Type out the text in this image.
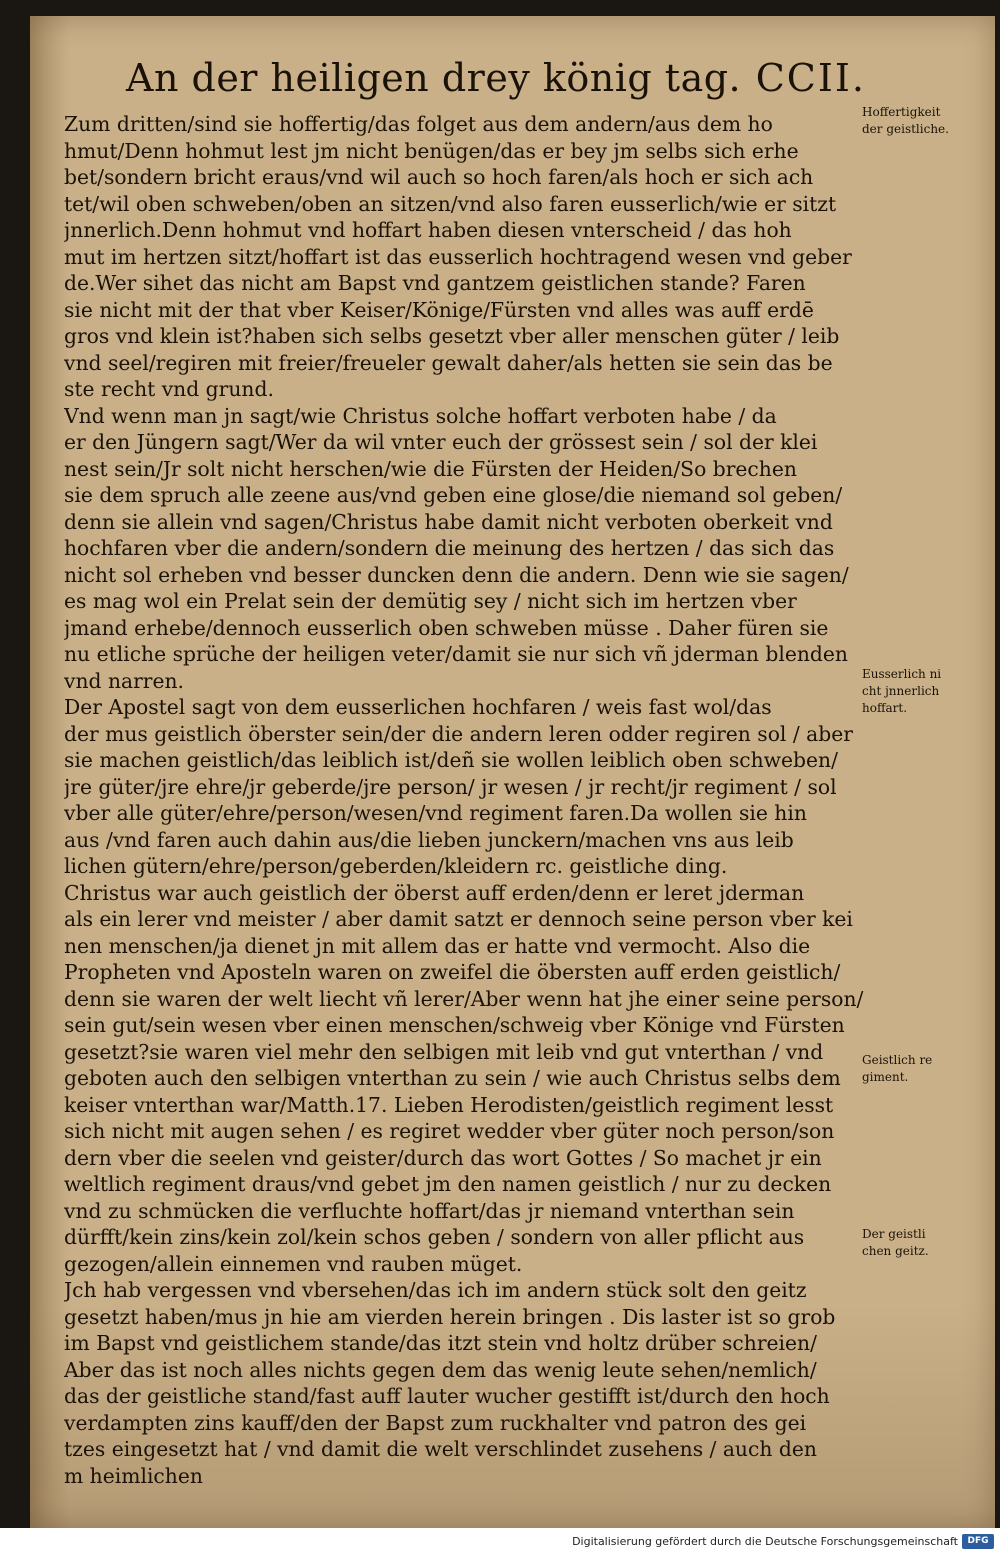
An der heiligen drey könig tag. CCII.
Zum dritten/sind sie hoffertig/das folget aus dem andern/aus dem ho
hmut/Denn hohmut lest jm nicht benügen/das er bey jm selbs sich erhe
bet/sondern bricht eraus/vnd wil auch so hoch faren/als hoch er sich ach
tet/wil oben schweben/oben an sitzen/vnd also faren eusserlich/wie er sitzt
jnnerlich.Denn hohmut vnd hoffart haben diesen vnterscheid / das hoh
mut im hertzen sitzt/hoffart ist das eusserlich hochtragend wesen vnd geber
de.Wer sihet das nicht am Bapst vnd gantzem geistlichen stande? Faren
sie nicht mit der that vber Keiser/Könige/Fürsten vnd alles was auff erdē
gros vnd klein ist?haben sich selbs gesetzt vber aller menschen güter / leib
vnd seel/regiren mit freier/freueler gewalt daher/als hetten sie sein das be
ste recht vnd grund.
Vnd wenn man jn sagt/wie Christus solche hoffart verboten habe / da
er den Jüngern sagt/Wer da wil vnter euch der grössest sein / sol der klei
nest sein/Jr solt nicht herschen/wie die Fürsten der Heiden/So brechen
sie dem spruch alle zeene aus/vnd geben eine glose/die niemand sol geben/
denn sie allein vnd sagen/Christus habe damit nicht verboten oberkeit vnd
hochfaren vber die andern/sondern die meinung des hertzen / das sich das
nicht sol erheben vnd besser duncken denn die andern. Denn wie sie sagen/
es mag wol ein Prelat sein der demütig sey / nicht sich im hertzen vber
jmand erhebe/dennoch eusserlich oben schweben müsse . Daher füren sie
nu etliche sprüche der heiligen veter/damit sie nur sich vñ jderman blenden
vnd narren.
Der Apostel sagt von dem eusserlichen hochfaren / weis fast wol/das
der mus geistlich öberster sein/der die andern leren odder regiren sol / aber
sie machen geistlich/das leiblich ist/deñ sie wollen leiblich oben schweben/
jre güter/jre ehre/jr geberde/jre person/ jr wesen / jr recht/jr regiment / sol
vber alle güter/ehre/person/wesen/vnd regiment faren.Da wollen sie hin
aus /vnd faren auch dahin aus/die lieben junckern/machen vns aus leib
lichen gütern/ehre/person/geberden/kleidern rc. geistliche ding.
Christus war auch geistlich der öberst auff erden/denn er leret jderman
als ein lerer vnd meister / aber damit satzt er dennoch seine person vber kei
nen menschen/ja dienet jn mit allem das er hatte vnd vermocht. Also die
Propheten vnd Aposteln waren on zweifel die öbersten auff erden geistlich/
denn sie waren der welt liecht vñ lerer/Aber wenn hat jhe einer seine person/
sein gut/sein wesen vber einen menschen/schweig vber Könige vnd Fürsten
gesetzt?sie waren viel mehr den selbigen mit leib vnd gut vnterthan / vnd
geboten auch den selbigen vnterthan zu sein / wie auch Christus selbs dem
keiser vnterthan war/Matth.17. Lieben Herodisten/geistlich regiment lesst
sich nicht mit augen sehen / es regiret wedder vber güter noch person/son
dern vber die seelen vnd geister/durch das wort Gottes / So machet jr ein
weltlich regiment draus/vnd gebet jm den namen geistlich / nur zu decken
vnd zu schmücken die verfluchte hoffart/das jr niemand vnterthan sein
dürfft/kein zins/kein zol/kein schos geben / sondern von aller pflicht aus
gezogen/allein einnemen vnd rauben müget.
Jch hab vergessen vnd vbersehen/das ich im andern stück solt den geitz
gesetzt haben/mus jn hie am vierden herein bringen . Dis laster ist so grob
im Bapst vnd geistlichem stande/das itzt stein vnd holtz drüber schreien/
Aber das ist noch alles nichts gegen dem das wenig leute sehen/nemlich/
das der geistliche stand/fast auff lauter wucher gestifft ist/durch den hoch
verdampten zins kauff/den der Bapst zum ruckhalter vnd patron des gei
tzes eingesetzt hat / vnd damit die welt verschlindet zusehens / auch den
m heimlichen
Hoffertigkeit
der geistliche.
Eusserlich ni
cht jnnerlich
hoffart.
Geistlich re
giment.
Der geistli
chen geitz.
Digitalisierung gefördert durch die Deutsche Forschungsgemeinschaft	DFG
